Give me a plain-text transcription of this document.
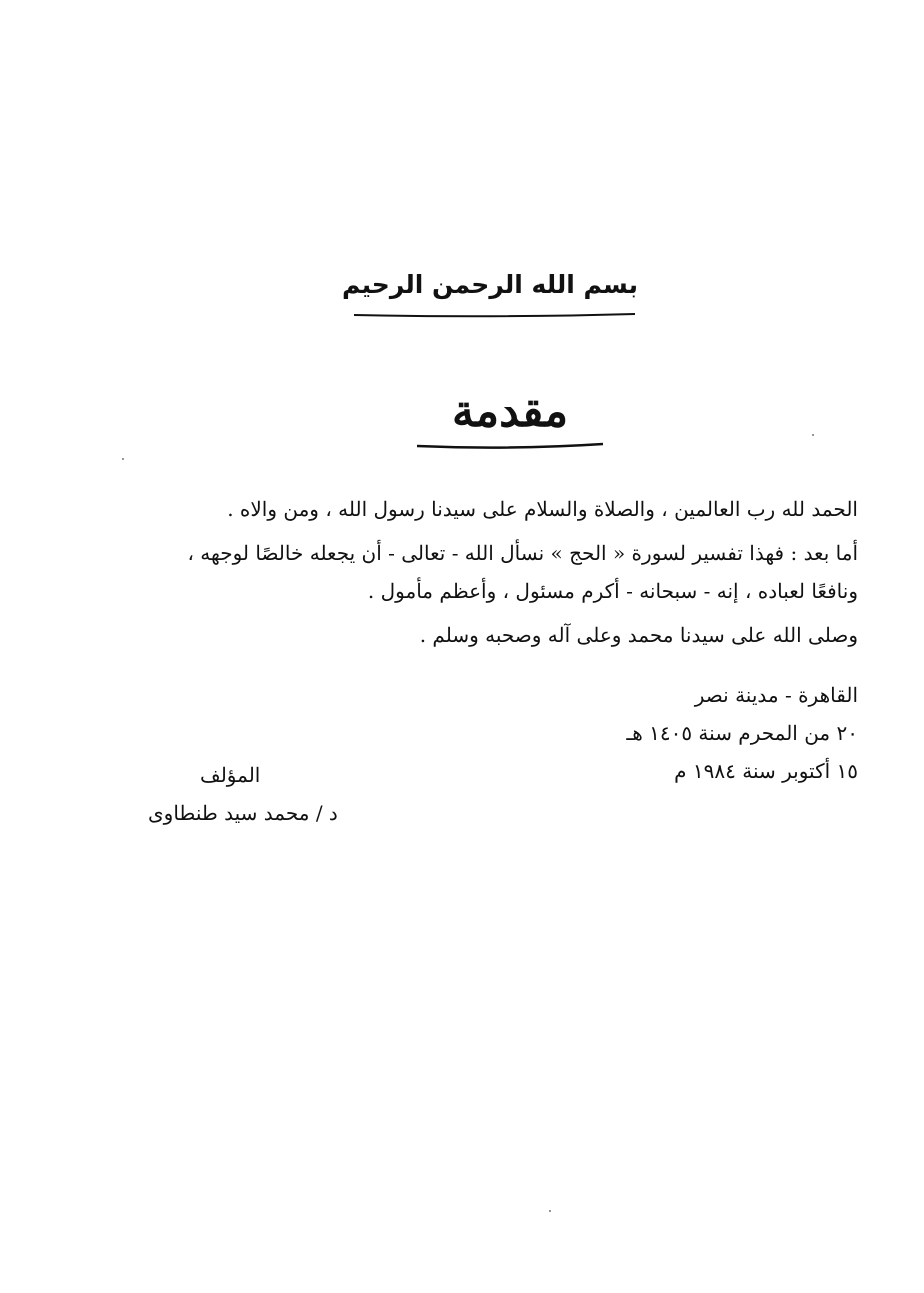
بسم الله الرحمن الرحيم
مقدمة
الحمد لله رب العالمين ، والصلاة والسلام على سيدنا رسول الله ، ومن والاه .
أما بعد : فهذا تفسير لسورة « الحج » نسأل الله - تعالى - أن يجعله خالصًا لوجهه ،
ونافعًا لعباده ، إنه - سبحانه - أكرم مسئول ، وأعظم مأمول .
وصلى الله على سيدنا محمد وعلى آله وصحبه وسلم .
القاهرة - مدينة نصر
٢٠ من المحرم سنة ١٤٠٥ هـ
١٥ أكتوبر سنة ١٩٨٤ م
المؤلف
د / محمد سيد طنطاوى
